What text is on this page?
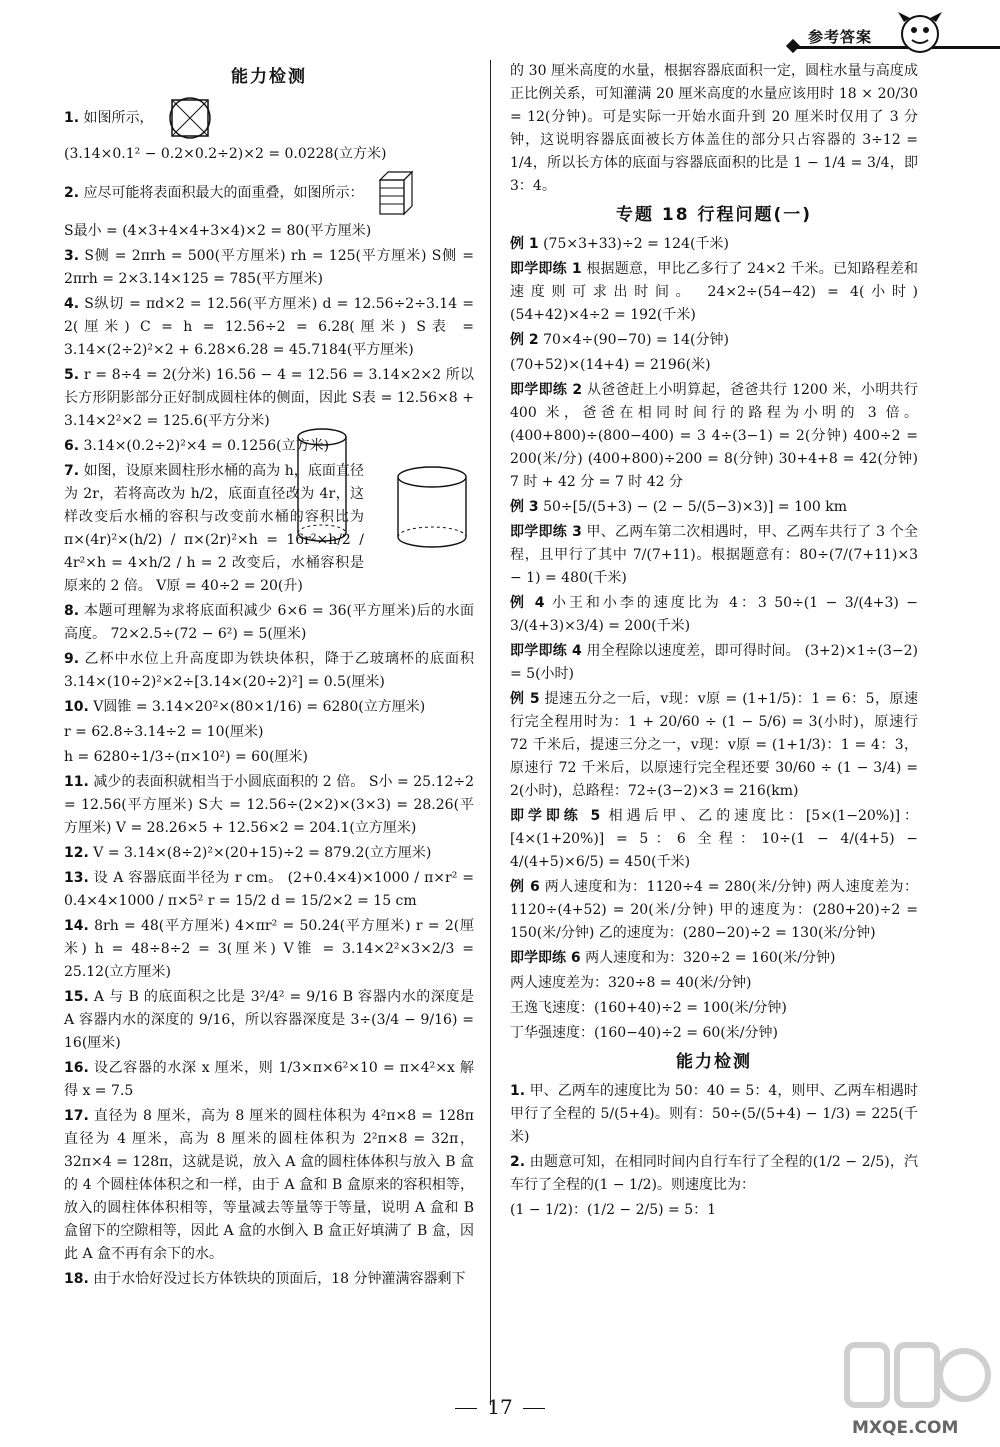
参考答案
能力检测
1. 如图所示，
(3.14×0.1² − 0.2×0.2÷2)×2 = 0.0228(立方米)
2. 应尽可能将表面积最大的面重叠，如图所示：
S最小 = (4×3+4×4+3×4)×2 = 80(平方厘米)
3. S侧 = 2πrh = 500(平方厘米) rh = 125(平方厘米) S侧 = 2πrh = 2×3.14×125 = 785(平方厘米)
4. S纵切 = πd×2 = 12.56(平方厘米) d = 12.56÷2÷3.14 = 2(厘米) C = h = 12.56÷2 = 6.28(厘米) S表 = 3.14×(2÷2)²×2 + 6.28×6.28 = 45.7184(平方厘米)
5. r = 8÷4 = 2(分米) 16.56 − 4 = 12.56 = 3.14×2×2 所以长方形阴影部分正好制成圆柱体的侧面，因此 S表 = 12.56×8 + 3.14×2²×2 = 125.6(平方分米)
6. 3.14×(0.2÷2)²×4 = 0.1256(立方米)
7. 如图，设原来圆柱形水桶的高为 h，底面直径为 2r，若将高改为 h/2，底面直径改为 4r，这样改变后水桶的容积与改变前水桶的容积比为 π×(4r)²×(h/2) / π×(2r)²×h = 16r²×h/2 / 4r²×h = 4×h/2 / h = 2 改变后，水桶容积是原来的 2 倍。 V原 = 40÷2 = 20(升)
8. 本题可理解为求将底面积减少 6×6 = 36(平方厘米)后的水面高度。 72×2.5÷(72 − 6²) = 5(厘米)
9. 乙杯中水位上升高度即为铁块体积，降于乙玻璃杯的底面积 3.14×(10÷2)²×2÷[3.14×(20÷2)²] = 0.5(厘米)
10. V圆锥 = 3.14×20²×(80×1/16) = 6280(立方厘米)
r = 62.8÷3.14÷2 = 10(厘米)
h = 6280÷1/3÷(π×10²) = 60(厘米)
11. 减少的表面积就相当于小圆底面积的 2 倍。 S小 = 25.12÷2 = 12.56(平方厘米) S大 = 12.56÷(2×2)×(3×3) = 28.26(平方厘米) V = 28.26×5 + 12.56×2 = 204.1(立方厘米)
12. V = 3.14×(8÷2)²×(20+15)÷2 = 879.2(立方厘米)
13. 设 A 容器底面半径为 r cm。 (2+0.4×4)×1000 / π×r² = 0.4×4×1000 / π×5² r = 15/2 d = 15/2×2 = 15 cm
14. 8rh = 48(平方厘米) 4×πr² = 50.24(平方厘米) r = 2(厘米) h = 48÷8÷2 = 3(厘米) V锥 = 3.14×2²×3×2/3 = 25.12(立方厘米)
15. A 与 B 的底面积之比是 3²/4² = 9/16 B 容器内水的深度是 A 容器内水的深度的 9/16，所以容器深度是 3÷(3/4 − 9/16) = 16(厘米)
16. 设乙容器的水深 x 厘米，则 1/3×π×6²×10 = π×4²×x 解得 x = 7.5
17. 直径为 8 厘米，高为 8 厘米的圆柱体积为 4²π×8 = 128π 直径为 4 厘米，高为 8 厘米的圆柱体积为 2²π×8 = 32π，32π×4 = 128π，这就是说，放入 A 盒的圆柱体体积与放入 B 盒的 4 个圆柱体体积之和一样，由于 A 盒和 B 盒原来的容积相等，放入的圆柱体体积相等，等量减去等量等于等量，说明 A 盒和 B 盒留下的空隙相等，因此 A 盒的水倒入 B 盒正好填满了 B 盒，因此 A 盒不再有余下的水。
18. 由于水恰好没过长方体铁块的顶面后，18 分钟灌满容器剩下
的 30 厘米高度的水量，根据容器底面积一定，圆柱水量与高度成正比例关系，可知灌满 20 厘米高度的水量应该用时 18 × 20/30 = 12(分钟)。可是实际一开始水面升到 20 厘米时仅用了 3 分钟，这说明容器底面被长方体盖住的部分只占容器的 3÷12 = 1/4，所以长方体的底面与容器底面积的比是 1 − 1/4 = 3/4，即 3：4。
专题 18 行程问题(一)
例 1 (75×3+33)÷2 = 124(千米)
即学即练 1 根据题意，甲比乙多行了 24×2 千米。已知路程差和速度则可求出时间。 24×2÷(54−42) = 4(小时) (54+42)×4÷2 = 192(千米)
例 2 70×4÷(90−70) = 14(分钟)
(70+52)×(14+4) = 2196(米)
即学即练 2 从爸爸赶上小明算起，爸爸共行 1200 米，小明共行 400 米，爸爸在相同时间行的路程为小明的 3 倍。 (400+800)÷(800−400) = 3 4÷(3−1) = 2(分钟) 400÷2 = 200(米/分) (400+800)÷200 = 8(分钟) 30+4+8 = 42(分钟) 7 时 + 42 分 = 7 时 42 分
例 3 50÷[5/(5+3) − (2 − 5/(5−3)×3)] = 100 km
即学即练 3 甲、乙两车第二次相遇时，甲、乙两车共行了 3 个全程，且甲行了其中 7/(7+11)。根据题意有：80÷(7/(7+11)×3 − 1) = 480(千米)
例 4 小王和小李的速度比为 4：3 50÷(1 − 3/(4+3) − 3/(4+3)×3/4) = 200(千米)
即学即练 4 用全程除以速度差，即可得时间。 (3+2)×1÷(3−2) = 5(小时)
例 5 提速五分之一后，v现：v原 = (1+1/5)：1 = 6：5，原速行完全程用时为：1 + 20/60 ÷ (1 − 5/6) = 3(小时)，原速行 72 千米后，提速三分之一，v现：v原 = (1+1/3)：1 = 4：3，原速行 72 千米后，以原速行完全程还要 30/60 ÷ (1 − 3/4) = 2(小时)，总路程：72÷(3−2)×3 = 216(km)
即学即练 5 相遇后甲、乙的速度比：[5×(1−20%)]：[4×(1+20%)] = 5：6 全程：10÷(1 − 4/(4+5) − 4/(4+5)×6/5) = 450(千米)
例 6 两人速度和为：1120÷4 = 280(米/分钟) 两人速度差为：1120÷(4+52) = 20(米/分钟) 甲的速度为：(280+20)÷2 = 150(米/分钟) 乙的速度为：(280−20)÷2 = 130(米/分钟)
即学即练 6 两人速度和为：320÷2 = 160(米/分钟)
两人速度差为：320÷8 = 40(米/分钟)
王逸飞速度：(160+40)÷2 = 100(米/分钟)
丁华强速度：(160−40)÷2 = 60(米/分钟)
能力检测
1. 甲、乙两车的速度比为 50：40 = 5：4，则甲、乙两车相遇时甲行了全程的 5/(5+4)。则有：50÷(5/(5+4) − 1/3) = 225(千米)
2. 由题意可知，在相同时间内自行车行了全程的(1/2 − 2/5)，汽车行了全程的(1 − 1/2)。则速度比为：
(1 − 1/2)：(1/2 − 2/5) = 5：1
17
MXQE.COM
